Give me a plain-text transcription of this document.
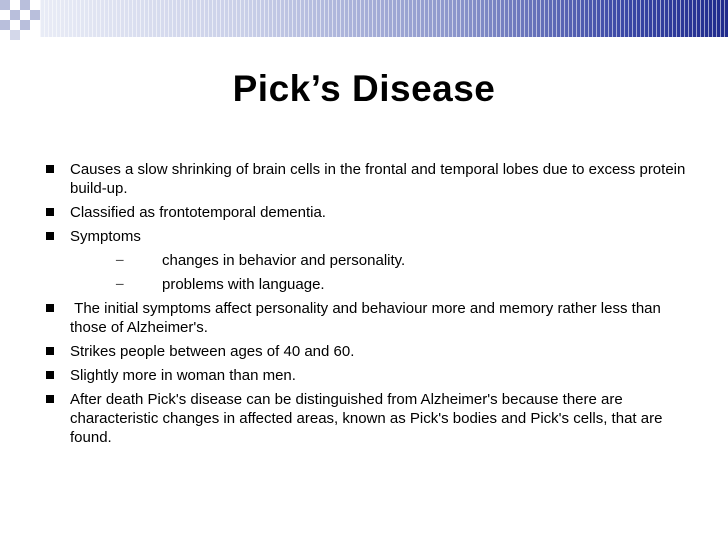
Pick’s Disease
Causes a slow shrinking of brain cells in the frontal and temporal lobes due to excess protein build-up.
Classified as frontotemporal dementia.
Symptoms
–	changes in behavior and personality.
–	problems with language.
The initial symptoms affect personality and behaviour more and memory rather less than those of Alzheimer's.
Strikes people between ages of 40 and 60.
Slightly more in woman than men.
After death Pick's disease can be distinguished from Alzheimer's because there are characteristic changes in affected areas, known as Pick's bodies and Pick's cells, that are found.
